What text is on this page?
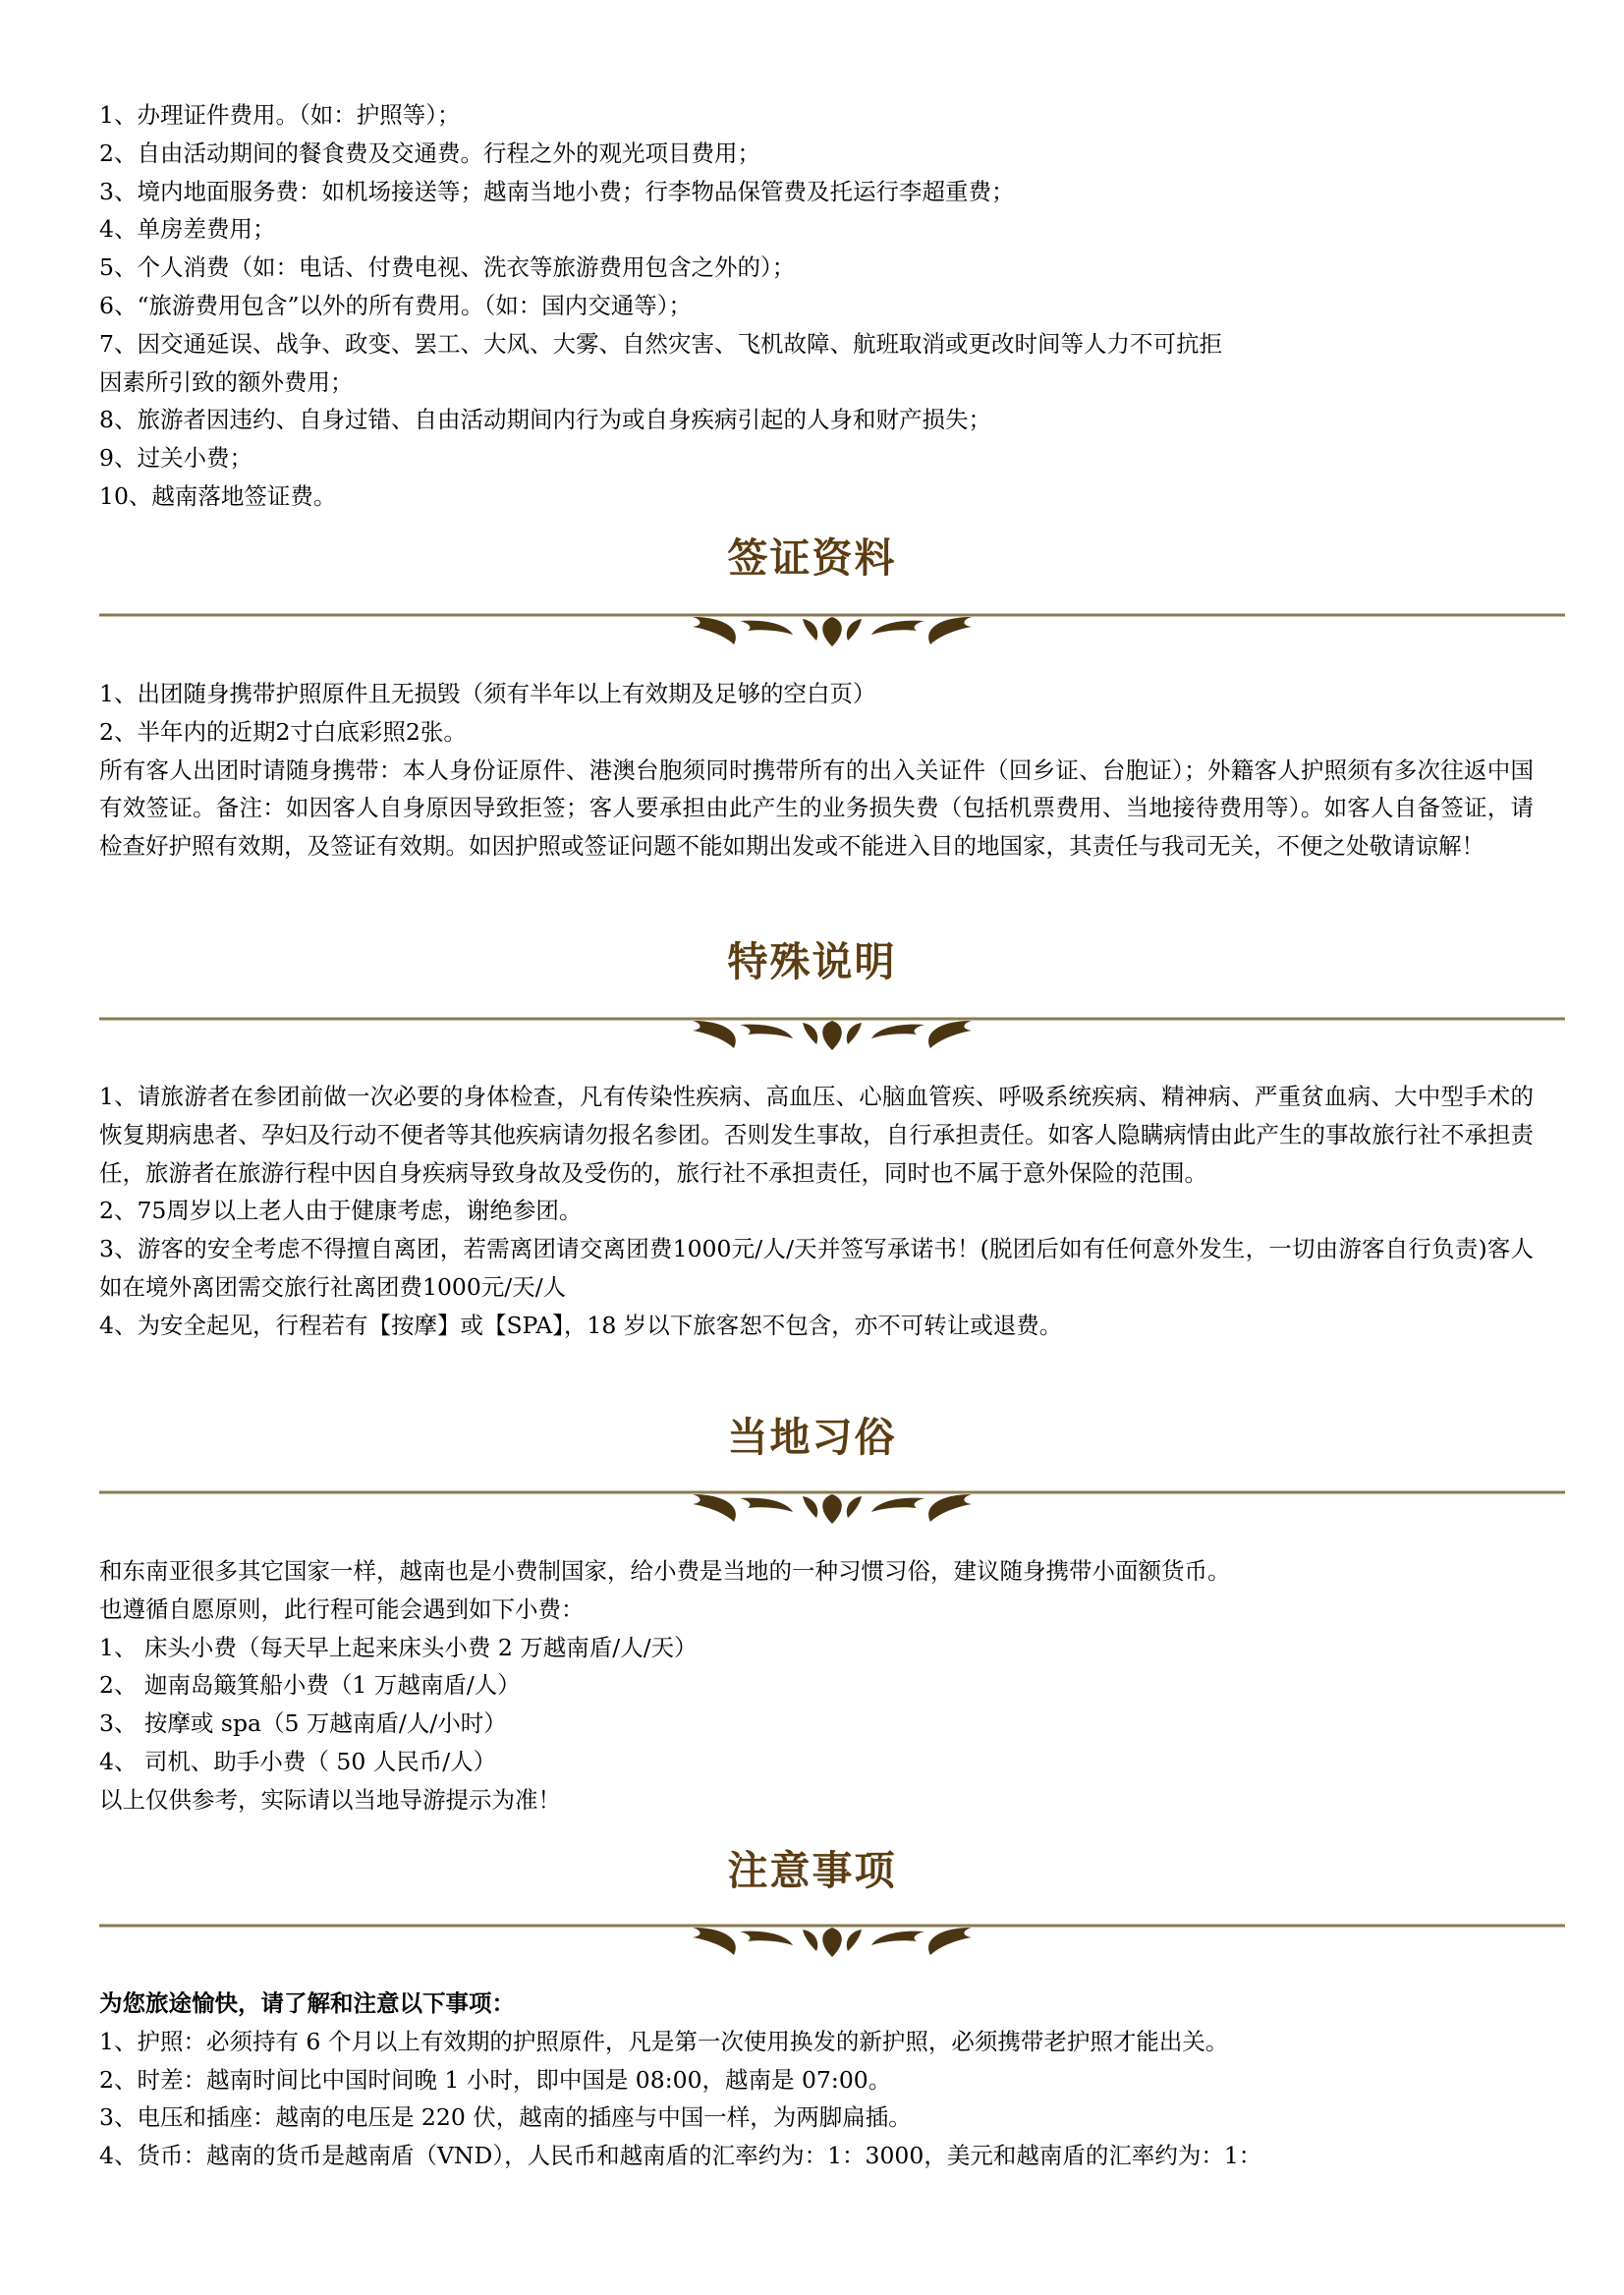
1、办理证件费用。（如：护照等）；
2、自由活动期间的餐食费及交通费。行程之外的观光项目费用；
3、境内地面服务费：如机场接送等；越南当地小费；行李物品保管费及托运行李超重费；
4、单房差费用；
5、个人消费（如：电话、付费电视、洗衣等旅游费用包含之外的）；
6、“旅游费用包含”以外的所有费用。（如：国内交通等）；
7、因交通延误、战争、政变、罢工、大风、大雾、自然灾害、飞机故障、航班取消或更改时间等人力不可抗拒
因素所引致的额外费用；
8、旅游者因违约、自身过错、自由活动期间内行为或自身疾病引起的人身和财产损失；
9、过关小费；
10、越南落地签证费。
签证资料
1、出团随身携带护照原件且无损毁（须有半年以上有效期及足够的空白页）
2、半年内的近期2寸白底彩照2张。
所有客人出团时请随身携带：本人身份证原件、港澳台胞须同时携带所有的出入关证件（回乡证、台胞证）；外籍客人护照须有多次往返中国有效签证。备注：如因客人自身原因导致拒签；客人要承担由此产生的业务损失费（包括机票费用、当地接待费用等）。如客人自备签证，请检查好护照有效期，及签证有效期。如因护照或签证问题不能如期出发或不能进入目的地国家，其责任与我司无关，不便之处敬请谅解！
特殊说明
1、请旅游者在参团前做一次必要的身体检查，凡有传染性疾病、高血压、心脑血管疾、呼吸系统疾病、精神病、严重贫血病、大中型手术的恢复期病患者、孕妇及行动不便者等其他疾病请勿报名参团。否则发生事故，自行承担责任。如客人隐瞒病情由此产生的事故旅行社不承担责任，旅游者在旅游行程中因自身疾病导致身故及受伤的，旅行社不承担责任，同时也不属于意外保险的范围。
2、75周岁以上老人由于健康考虑，谢绝参团。
3、游客的安全考虑不得擅自离团，若需离团请交离团费1000元/人/天并签写承诺书！(脱团后如有任何意外发生，一切由游客自行负责)客人如在境外离团需交旅行社离团费1000元/天/人
4、为安全起见，行程若有【按摩】或【SPA】，18 岁以下旅客恕不包含，亦不可转让或退费。
当地习俗
和东南亚很多其它国家一样，越南也是小费制国家，给小费是当地的一种习惯习俗，建议随身携带小面额货币。
也遵循自愿原则，此行程可能会遇到如下小费：
1、 床头小费（每天早上起来床头小费 2 万越南盾/人/天）
2、 迦南岛簸箕船小费（1 万越南盾/人）
3、 按摩或 spa（5 万越南盾/人/小时）
4、 司机、助手小费（ 50 人民币/人）
以上仅供参考，实际请以当地导游提示为准！
注意事项
为您旅途愉快，请了解和注意以下事项：
1、护照：必须持有 6 个月以上有效期的护照原件，凡是第一次使用换发的新护照，必须携带老护照才能出关。
2、时差：越南时间比中国时间晚 1 小时，即中国是 08:00，越南是 07:00。
3、电压和插座：越南的电压是 220 伏，越南的插座与中国一样，为两脚扁插。
4、货币：越南的货币是越南盾（VND），人民币和越南盾的汇率约为：1：3000，美元和越南盾的汇率约为：1：
